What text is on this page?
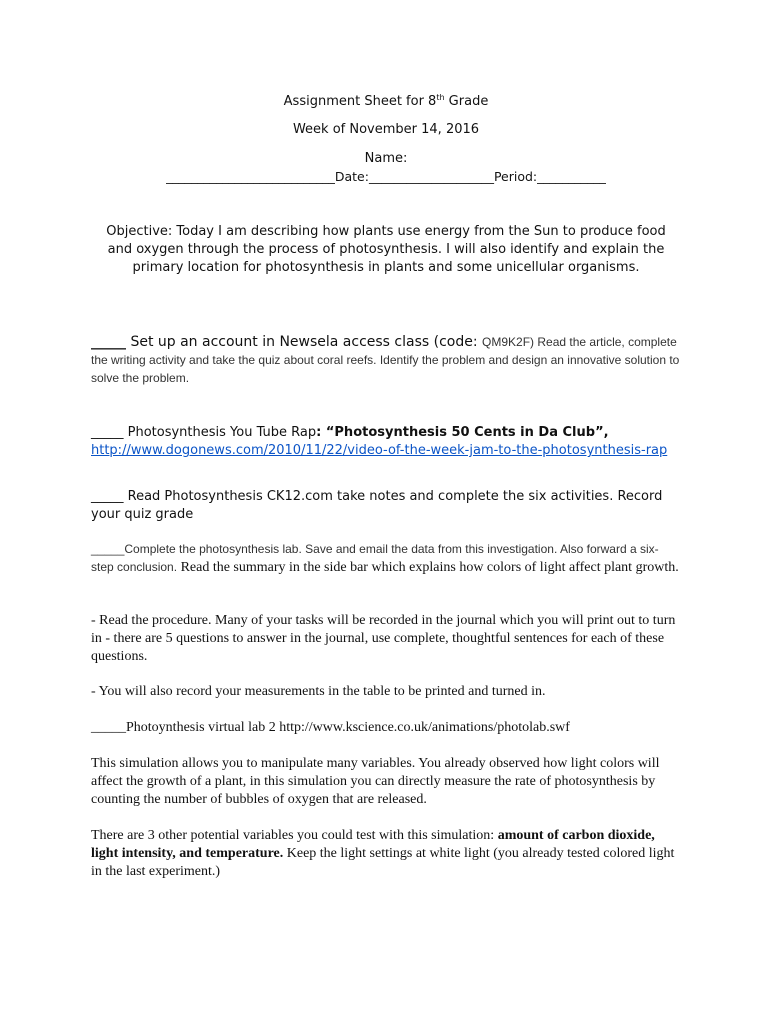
Assignment Sheet for 8th Grade
Week of November 14, 2016
Name:
___________________________Date:____________________Period:___________
Objective: Today I am describing how plants use energy from the Sun to produce food and oxygen through the process of photosynthesis. I will also identify and explain the primary location for photosynthesis in plants and some unicellular organisms.
_____ Set up an account in Newsela access class (code: QM9K2F) Read the article, complete the writing activity and take the quiz about coral reefs. Identify the problem and design an innovative solution to solve the problem.
_____ Photosynthesis You Tube Rap: “Photosynthesis 50 Cents in Da Club”,
http://www.dogonews.com/2010/11/22/video-of-the-week-jam-to-the-photosynthesis-rap
_____ Read Photosynthesis CK12.com take notes and complete the six activities. Record your quiz grade
_____Complete the photosynthesis lab. Save and email the data from this investigation. Also forward a six-step conclusion. Read the summary in the side bar which explains how colors of light affect plant growth.
- Read the procedure. Many of your tasks will be recorded in the journal which you will print out to turn in - there are 5 questions to answer in the journal, use complete, thoughtful sentences for each of these questions.
- You will also record your measurements in the table to be printed and turned in.
_____Photoynthesis virtual lab 2 http://www.kscience.co.uk/animations/photolab.swf
This simulation allows you to manipulate many variables. You already observed how light colors will affect the growth of a plant, in this simulation you can directly measure the rate of photosynthesis by counting the number of bubbles of oxygen that are released.
There are 3 other potential variables you could test with this simulation: amount of carbon dioxide, light intensity, and temperature. Keep the light settings at white light (you already tested colored light in the last experiment.)
